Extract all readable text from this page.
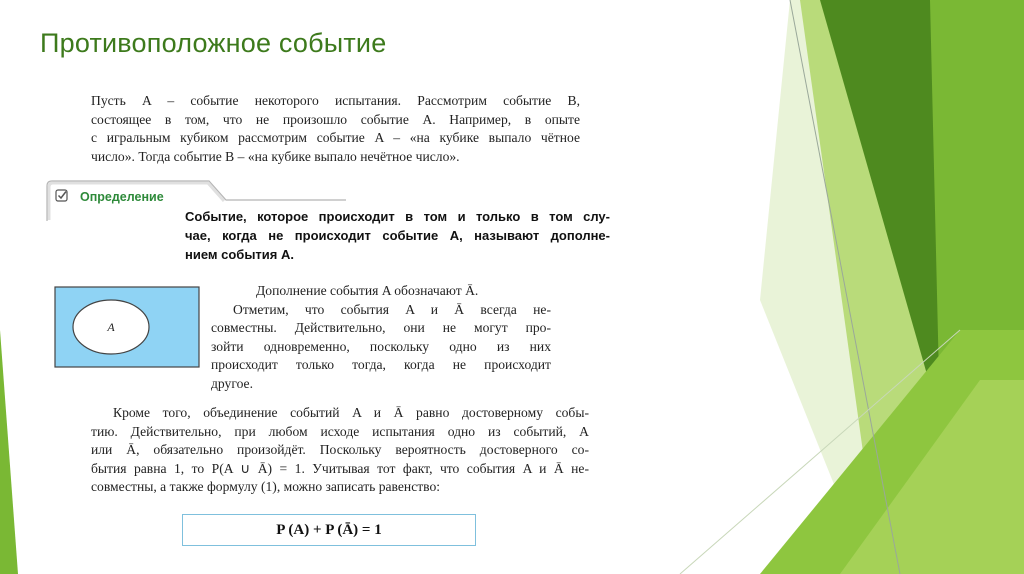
Противоположное событие
Пусть A – событие некоторого испытания. Рассмотрим событие B,
состоящее в том, что не произошло событие A. Например, в опыте
с игральным кубиком рассмотрим событие A – «на кубике выпало чётное
число». Тогда событие B – «на кубике выпало нечётное число».
Определение
Событие, которое происходит в том и только в том слу-
чае, когда не происходит событие A, называют дополне-
нием события A.
A
Дополнение события A обозначают Ā.
Отметим, что события A и Ā всегда не-
совместны. Действительно, они не могут про-
зойти одновременно, поскольку одно из них
происходит только тогда, когда не происходит
другое.
Кроме того, объединение событий A и Ā равно достоверному собы-
тию. Действительно, при любом исходе испытания одно из событий, A
или Ā, обязательно произойдёт. Поскольку вероятность достоверного со-
бытия равна 1, то P(A ∪ Ā) = 1. Учитывая тот факт, что события A и Ā не-
совместны, а также формулу (1), можно записать равенство:
P (A) + P (Ā) = 1
